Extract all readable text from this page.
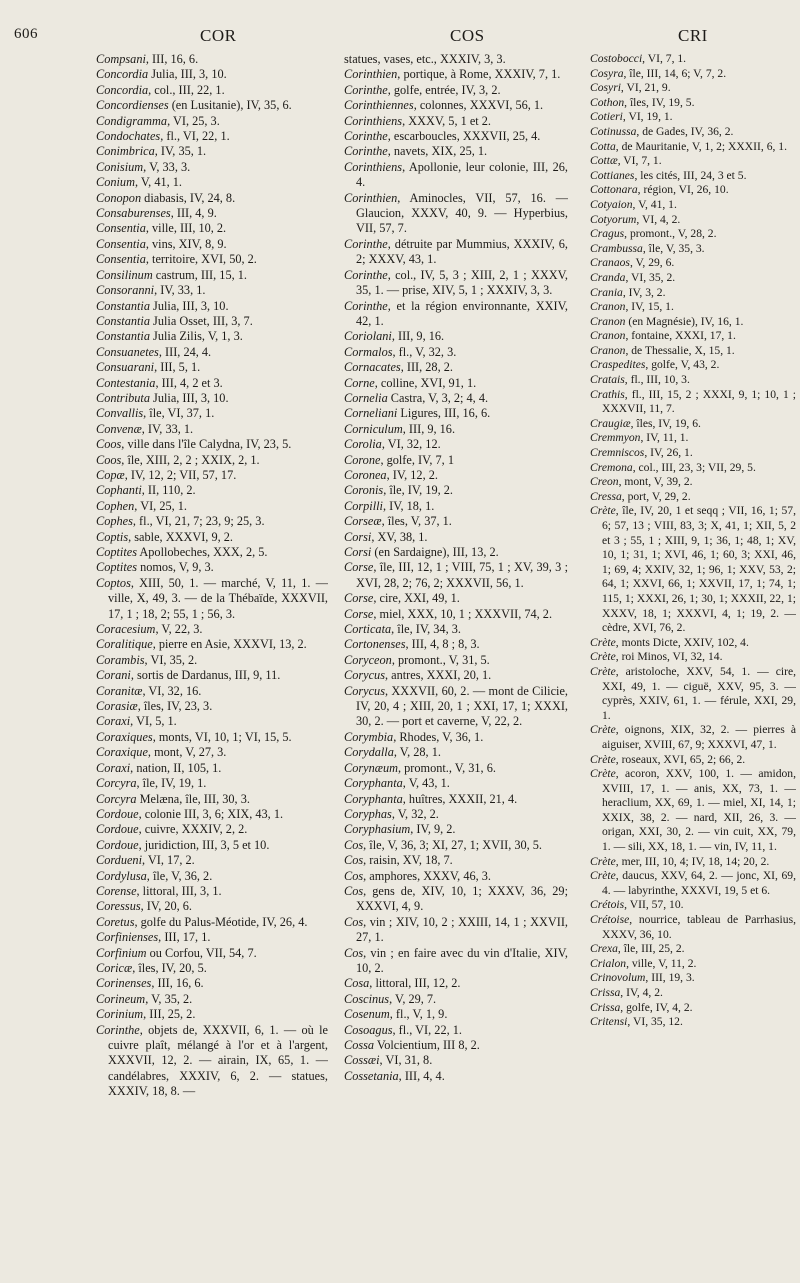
606	COR	COS	CRI

Compsani, III, 16, 6.

Concordia Julia, III, 3, 10.

Concordia, col., III, 22, 1.

Concordienses (en Lusitanie), IV, 35, 6.

Condigramma, VI, 25, 3.

Condochates, fl., VI, 22, 1.

Conimbrica, IV, 35, 1.

Conisium, V, 33, 3.

Conium, V, 41, 1.

Conopon diabasis, IV, 24, 8.

Consaburenses, III, 4, 9.

Consentia, ville, III, 10, 2.

Consentia, vins, XIV, 8, 9.

Consentia, territoire, XVI, 50, 2.

Consilinum castrum, III, 15, 1.

Consoranni, IV, 33, 1.

Constantia Julia, III, 3, 10.

Constantia Julia Osset, III, 3, 7.

Constantia Julia Zilis, V, 1, 3.

Consuanetes, III, 24, 4.

Consuarani, III, 5, 1.

Contestania, III, 4, 2 et 3.

Contributa Julia, III, 3, 10.

Convallis, île, VI, 37, 1.

Convenæ, IV, 33, 1.

Coos, ville dans l'île Calydna, IV, 23, 5.

Coos, île, XIII, 2, 2 ; XXIX, 2, 1.

Copæ, IV, 12, 2; VII, 57, 17.

Cophanti, II, 110, 2.

Cophen, VI, 25, 1.

Cophes, fl., VI, 21, 7; 23, 9; 25, 3.

Coptis, sable, XXXVI, 9, 2.

Coptites Apollobeches, XXX, 2, 5.

Coptites nomos, V, 9, 3.

Coptos, XIII, 50, 1. — marché, V, 11, 1. — ville, X, 49, 3. — de la Thébaïde, XXXVII, 17, 1 ; 18, 2; 55, 1 ; 56, 3.

Coracesium, V, 22, 3.

Coralitique, pierre en Asie, XXXVI, 13, 2.

Corambis, VI, 35, 2.

Corani, sortis de Dardanus, III, 9, 11.

Coranitæ, VI, 32, 16.

Corasiæ, îles, IV, 23, 3.

Coraxi, VI, 5, 1.

Coraxiques, monts, VI, 10, 1; VI, 15, 5.

Coraxique, mont, V, 27, 3.

Coraxi, nation, II, 105, 1.

Corcyra, île, IV, 19, 1.

Corcyra Melæna, île, III, 30, 3.

Cordoue, colonie III, 3, 6; XIX, 43, 1.

Cordoue, cuivre, XXXIV, 2, 2.

Cordoue, juridiction, III, 3, 5 et 10.

Cordueni, VI, 17, 2.

Cordylusa, île, V, 36, 2.

Corense, littoral, III, 3, 1.

Coressus, IV, 20, 6.

Coretus, golfe du Palus-Méotide, IV, 26, 4.

Corfinienses, III, 17, 1.

Corfinium ou Corfou, VII, 54, 7.

Coricæ, îles, IV, 20, 5.

Corinenses, III, 16, 6.

Corineum, V, 35, 2.

Corinium, III, 25, 2.

Corinthe, objets de, XXXVII, 6, 1. — où le cuivre plaît, mélangé à l'or et à l'argent, XXXVII, 12, 2. — airain, IX, 65, 1. — candélabres, XXXIV, 6, 2. — statues, XXXIV, 18, 8. —

statues, vases, etc., XXXIV, 3, 3.

Corinthien, portique, à Rome, XXXIV, 7, 1.

Corinthe, golfe, entrée, IV, 3, 2.

Corinthiennes, colonnes, XXXVI, 56, 1.

Corinthiens, XXXV, 5, 1 et 2.

Corinthe, escarboucles, XXXVII, 25, 4.

Corinthe, navets, XIX, 25, 1.

Corinthiens, Apollonie, leur colonie, III, 26, 4.

Corinthien, Aminocles, VII, 57, 16. — Glaucion, XXXV, 40, 9. — Hyperbius, VII, 57, 7.

Corinthe, détruite par Mummius, XXXIV, 6, 2; XXXV, 43, 1.

Corinthe, col., IV, 5, 3 ; XIII, 2, 1 ; XXXV, 35, 1. — prise, XIV, 5, 1 ; XXXIV, 3, 3.

Corinthe, et la région environnante, XXIV, 42, 1.

Coriolani, III, 9, 16.

Cormalos, fl., V, 32, 3.

Cornacates, III, 28, 2.

Corne, colline, XVI, 91, 1.

Cornelia Castra, V, 3, 2; 4, 4.

Corneliani Ligures, III, 16, 6.

Corniculum, III, 9, 16.

Corolia, VI, 32, 12.

Corone, golfe, IV, 7, 1

Coronea, IV, 12, 2.

Coronis, île, IV, 19, 2.

Corpilli, IV, 18, 1.

Corseæ, îles, V, 37, 1.

Corsi, XV, 38, 1.

Corsi (en Sardaigne), III, 13, 2.

Corse, île, III, 12, 1 ; VIII, 75, 1 ; XV, 39, 3 ; XVI, 28, 2; 76, 2; XXXVII, 56, 1.

Corse, cire, XXI, 49, 1.

Corse, miel, XXX, 10, 1 ; XXXVII, 74, 2.

Corticata, île, IV, 34, 3.

Cortonenses, III, 4, 8 ; 8, 3.

Coryceon, promont., V, 31, 5.

Corycus, antres, XXXI, 20, 1.

Corycus, XXXVII, 60, 2. — mont de Cilicie, IV, 20, 4 ; XIII, 20, 1 ; XXI, 17, 1; XXXI, 30, 2. — port et caverne, V, 22, 2.

Corymbia, Rhodes, V, 36, 1.

Corydalla, V, 28, 1.

Corynæum, promont., V, 31, 6.

Coryphanta, V, 43, 1.

Coryphanta, huîtres, XXXII, 21, 4.

Coryphas, V, 32, 2.

Coryphasium, IV, 9, 2.

Cos, île, V, 36, 3; XI, 27, 1; XVII, 30, 5.

Cos, raisin, XV, 18, 7.

Cos, amphores, XXXV, 46, 3.

Cos, gens de, XIV, 10, 1; XXXV, 36, 29; XXXVI, 4, 9.

Cos, vin ; XIV, 10, 2 ; XXIII, 14, 1 ; XXVII, 27, 1.

Cos, vin ; en faire avec du vin d'Italie, XIV, 10, 2.

Cosa, littoral, III, 12, 2.

Coscinus, V, 29, 7.

Cosenum, fl., V, 1, 9.

Cosoagus, fl., VI, 22, 1.

Cossa Volcientium, III 8, 2.

Cossæi, VI, 31, 8.

Cossetania, III, 4, 4.

Costobocci, VI, 7, 1.

Cosyra, île, III, 14, 6; V, 7, 2.

Cosyri, VI, 21, 9.

Cothon, îles, IV, 19, 5.

Cotieri, VI, 19, 1.

Cotinussa, de Gades, IV, 36, 2.

Cotta, de Mauritanie, V, 1, 2; XXXII, 6, 1.

Cottæ, VI, 7, 1.

Cottianes, les cités, III, 24, 3 et 5.

Cottonara, région, VI, 26, 10.

Cotyaion, V, 41, 1.

Cotyorum, VI, 4, 2.

Cragus, promont., V, 28, 2.

Crambussa, île, V, 35, 3.

Cranaos, V, 29, 6.

Cranda, VI, 35, 2.

Crania, IV, 3, 2.

Cranon, IV, 15, 1.

Cranon (en Magnésie), IV, 16, 1.

Cranon, fontaine, XXXI, 17, 1.

Cranon, de Thessalie, X, 15, 1.

Craspedites, golfe, V, 43, 2.

Cratais, fl., III, 10, 3.

Crathis, fl., III, 15, 2 ; XXXI, 9, 1; 10, 1 ; XXXVII, 11, 7.

Craugiæ, îles, IV, 19, 6.

Cremmyon, IV, 11, 1.

Cremniscos, IV, 26, 1.

Cremona, col., III, 23, 3; VII, 29, 5.

Creon, mont, V, 39, 2.

Cressa, port, V, 29, 2.

Crète, île, IV, 20, 1 et seqq ; VII, 16, 1; 57, 6; 57, 13 ; VIII, 83, 3; X, 41, 1; XII, 5, 2 et 3 ; 55, 1 ; XIII, 9, 1; 36, 1; 48, 1; XV, 10, 1; 31, 1; XVI, 46, 1; 60, 3; XXI, 46, 1; 69, 4; XXIV, 32, 1; 96, 1; XXV, 53, 2; 64, 1; XXVI, 66, 1; XXVII, 17, 1; 74, 1; 115, 1; XXXI, 26, 1; 30, 1; XXXII, 22, 1; XXXV, 18, 1; XXXVI, 4, 1; 19, 2. — cèdre, XVI, 76, 2.

Crète, monts Dicte, XXIV, 102, 4.

Crète, roi Minos, VI, 32, 14.

Crète, aristoloche, XXV, 54, 1. — cire, XXI, 49, 1. — ciguë, XXV, 95, 3. — cyprès, XXIV, 61, 1. — férule, XXI, 29, 1.

Crète, oignons, XIX, 32, 2. — pierres à aiguiser, XVIII, 67, 9; XXXVI, 47, 1.

Crète, roseaux, XVI, 65, 2; 66, 2.

Crète, acoron, XXV, 100, 1. — amidon, XVIII, 17, 1. — anis, XX, 73, 1. — heraclium, XX, 69, 1. — miel, XI, 14, 1; XXIX, 38, 2. — nard, XII, 26, 3. — origan, XXI, 30, 2. — vin cuit, XX, 79, 1. — sili, XX, 18, 1. — vin, IV, 11, 1.

Crète, mer, III, 10, 4; IV, 18, 14; 20, 2.

Crète, daucus, XXV, 64, 2. — jonc, XI, 69, 4. — labyrinthe, XXXVI, 19, 5 et 6.

Crétois, VII, 57, 10.

Crétoise, nourrice, tableau de Parrhasius, XXXV, 36, 10.

Crexa, île, III, 25, 2.

Crialon, ville, V, 11, 2.

Crinovolum, III, 19, 3.

Crissa, IV, 4, 2.

Crissa, golfe, IV, 4, 2.

Critensi, VI, 35, 12.
